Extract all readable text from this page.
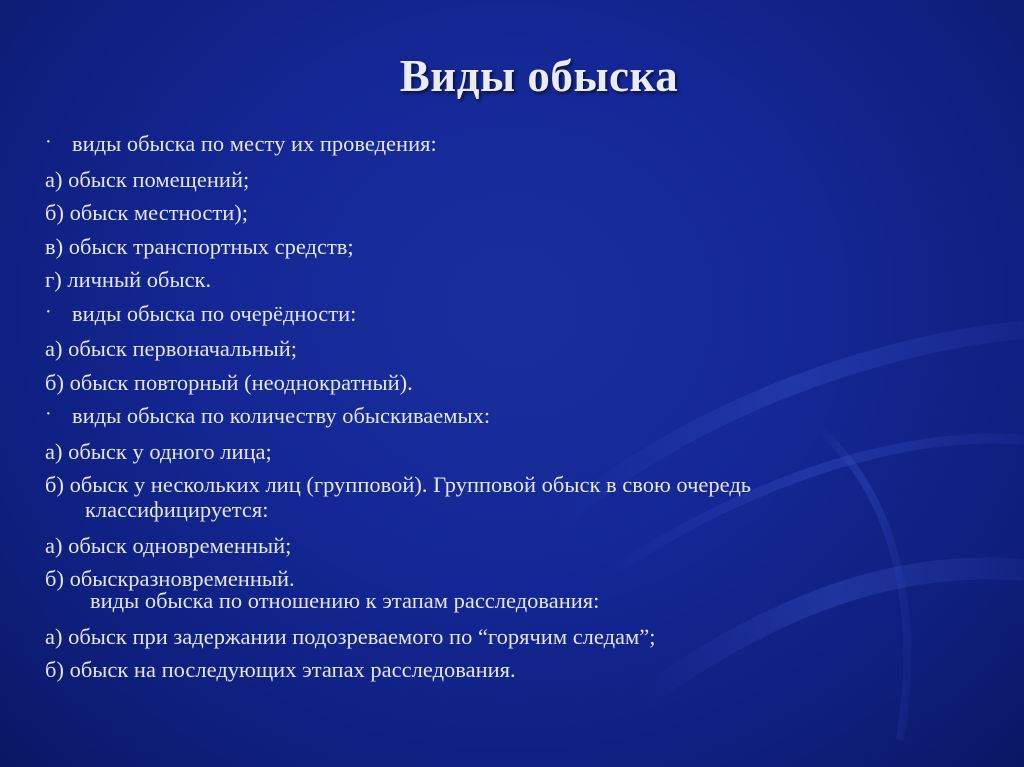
Виды обыска
· виды обыска по месту их проведения:
а) обыск помещений;
б) обыск местности);
в) обыск транспортных средств;
г) личный обыск.
· виды обыска по очерёдности:
а) обыск первоначальный;
б) обыск повторный (неоднократный).
· виды обыска по количеству обыскиваемых:
а) обыск у одного лица;
б) обыск у нескольких лиц (групповой). Групповой обыск в свою очередь
классифицируется:
а) обыск одновременный;
б) обыскразновременный.
виды обыска по отношению к этапам расследования:
а) обыск при задержании подозреваемого по “горячим следам”;
б) обыск на последующих этапах расследования.
